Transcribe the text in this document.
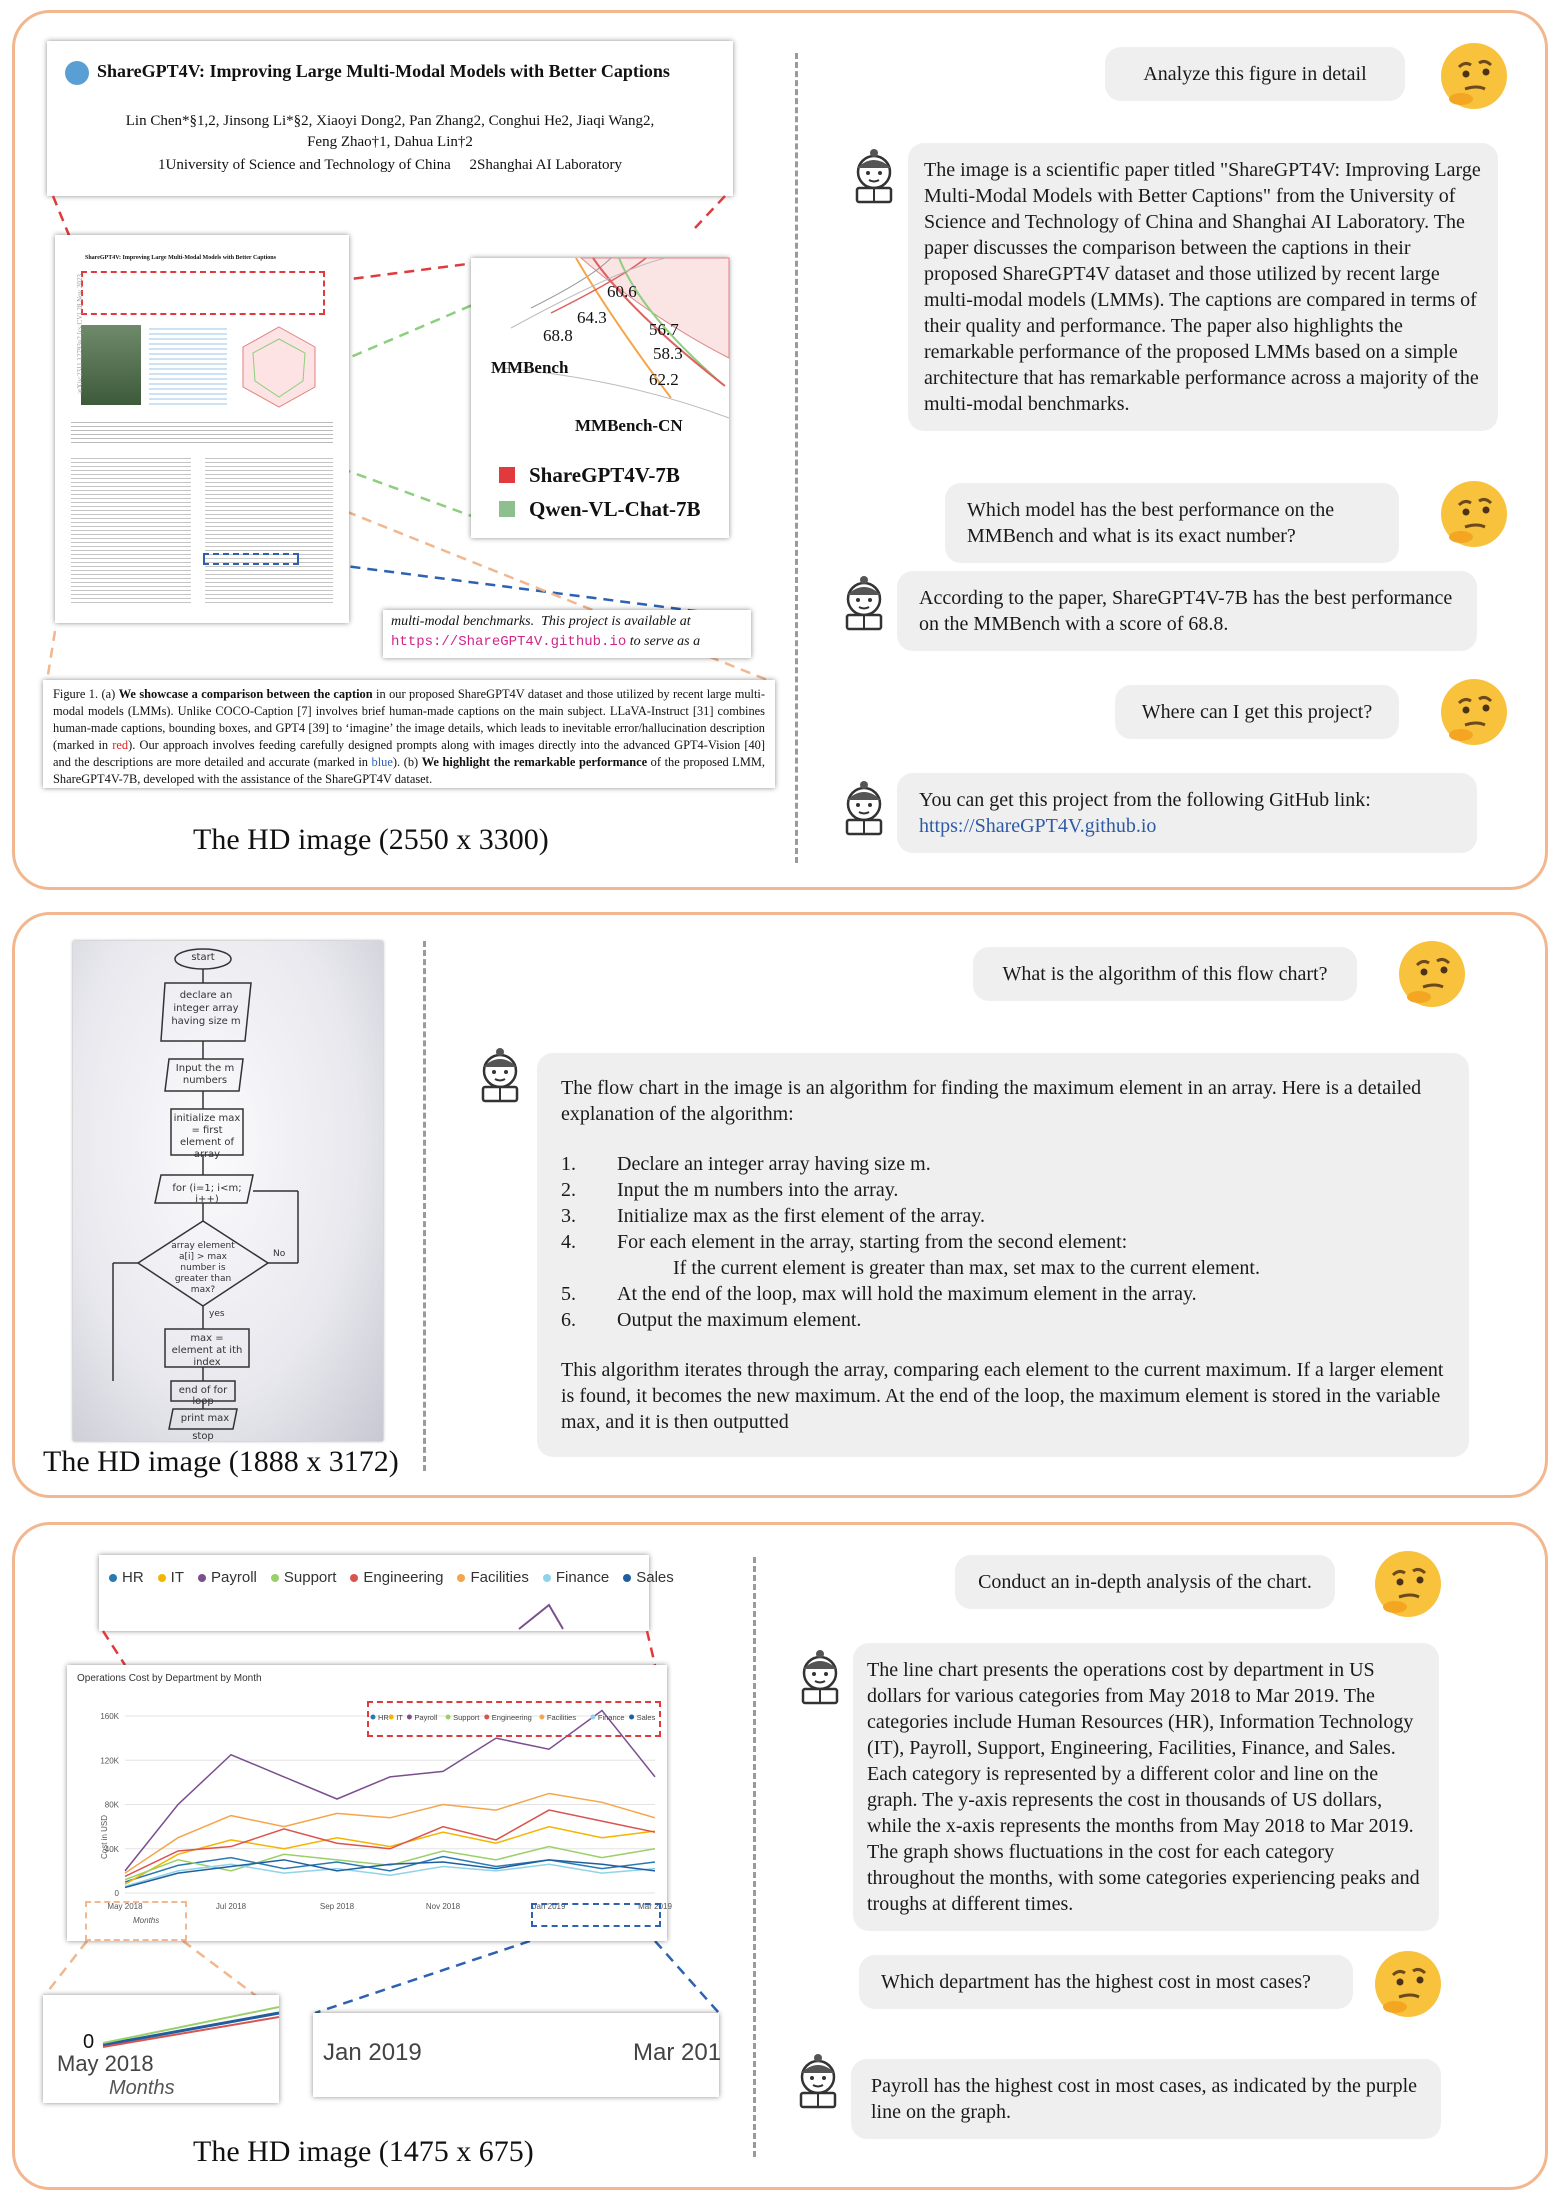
ShareGPT4V: Improving Large Multi-Modal Models with Better Captions
Lin Chen*§1,2, Jinsong Li*§2, Xiaoyi Dong2, Pan Zhang2, Conghui He2, Jiaqi Wang2,
Feng Zhao†1, Dahua Lin†2
1University of Science and Technology of China     2Shanghai AI Laboratory
ShareGPT4V: Improving Large Multi-Modal Models with Better Captions
arXiv:2311.12793v2 [cs.CV] 28 Nov 2023	60.6
64.3
56.7
68.8
58.3
62.2
MMBench
MMBench-CN
ShareGPT4V-7B
Qwen-VL-Chat-7B
multi-modal benchmarks.  This project is available at
https://ShareGPT4V.github.io to serve as a
Figure 1. (a) We showcase a comparison between the caption in our proposed ShareGPT4V dataset and those utilized by recent large multi-modal models (LMMs). Unlike COCO-Caption [7] involves brief human-made captions on the main subject. LLaVA-Instruct [31] combines human-made captions, bounding boxes, and GPT4 [39] to ‘imagine’ the image details, which leads to inevitable error/hallucination description (marked in red). Our approach involves feeding carefully designed prompts along with images directly into the advanced GPT4-Vision [40] and the descriptions are more detailed and accurate (marked in blue). (b) We highlight the remarkable performance of the proposed LMM, ShareGPT4V-7B, developed with the assistance of the ShareGPT4V dataset.
The HD image (2550 x 3300)
Analyze this figure in detail
The image is a scientific paper titled "ShareGPT4V: Improving Large Multi-Modal Models with Better Captions" from the University of Science and Technology of China and Shanghai AI Laboratory. The paper discusses the comparison between the captions in their proposed ShareGPT4V dataset and those utilized by recent large multi-modal models (LMMs). The captions are compared in terms of their quality and performance. The paper also highlights the remarkable performance of the proposed LMMs based on a simple architecture that has remarkable performance across a majority of the multi-modal benchmarks.
Which model has the best performance on the MMBench and what is its exact number?
According to the paper, ShareGPT4V-7B has the best performance on the MMBench with a score of 68.8.
Where can I get this project?
You can get this project from the following GitHub link:
https://ShareGPT4V.github.io
start
declare an integer array having size m
Input the m numbers
initialize max = first element of array
for (i=1; i<m; i++)
array element a[i] > max number is greater than max?
yes
No
max = element at ith index
end of for loop
print max
stop
The HD image (1888 x 3172)
What is the algorithm of this flow chart?
The flow chart in the image is an algorithm for finding the maximum element in an array. Here is a detailed explanation of the algorithm:
1.	Declare an integer array having size m.
2.	Input the m numbers into the array.
3.	Initialize max as the first element of the array.
4.	For each element in the array, starting from the second element:
If the current element is greater than max, set max to the current element.
5.	At the end of the loop, max will hold the maximum element in the array.
6.	Output the maximum element.
This algorithm iterates through the array, comparing each element to the current maximum. If a larger element is found, it becomes the new maximum. At the end of the loop, the maximum element is stored in the variable max, and it is then outputted
HR IT Payroll Support Engineering Facilities Finance Sales
Operations Cost by Department by Month
0
40K
80K
120K
160K
May 2018	Jul 2018	Sep 2018	Nov 2018	Jan 2019	Mar 2019
Months
Cost in USD
HR IT Payroll Support Engineering Facilities	Finance Sales
0
May 2018
Months
Jan 2019	Mar 201
The HD image (1475 x 675)
Conduct an in-depth analysis of the chart.
The line chart presents the operations cost by department in US dollars for various categories from May 2018 to Mar 2019. The categories include Human Resources (HR), Information Technology (IT), Payroll, Support, Engineering, Facilities, Finance, and Sales. Each category is represented by a different color and line on the graph. The y-axis represents the cost in thousands of US dollars, while the x-axis represents the months from May 2018 to Mar 2019. The graph shows fluctuations in the cost for each category throughout the months, with some categories experiencing peaks and troughs at different times.
Which department has the highest cost in most cases?
Payroll has the highest cost in most cases, as indicated by the purple line on the graph.
